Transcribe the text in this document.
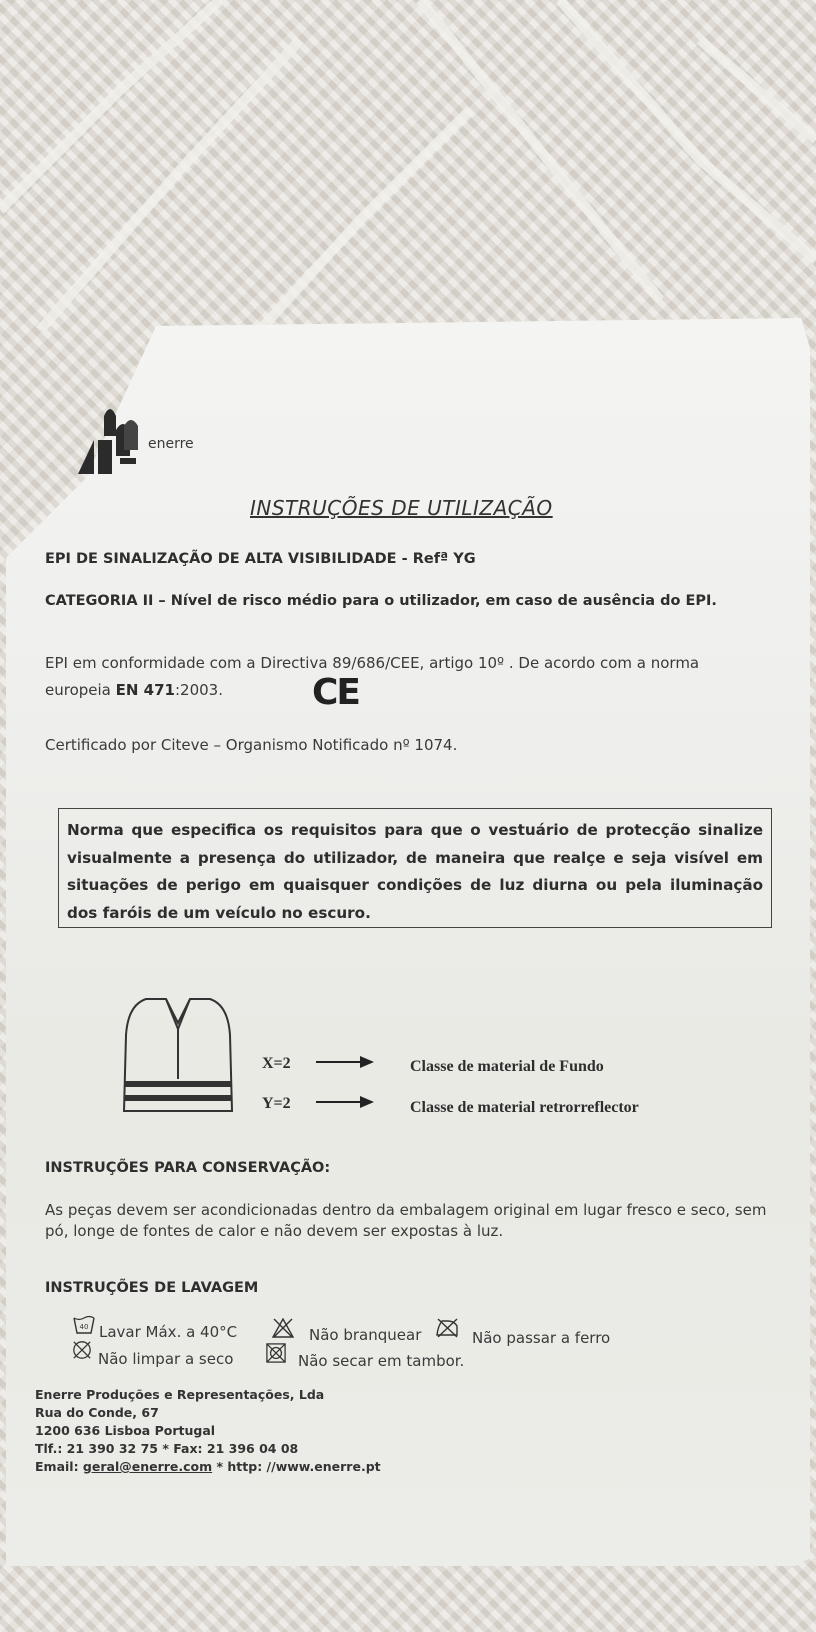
enerre
INSTRUÇÕES DE UTILIZAÇÃO
EPI DE SINALIZAÇÃO DE ALTA VISIBILIDADE - Refª YG
CATEGORIA II – Nível de risco médio para o utilizador, em caso de ausência do EPI.
EPI em conformidade com a Directiva 89/686/CEE, artigo 10º . De acordo com a norma
europeia EN 471:2003.	CE
Certificado por Citeve – Organismo Notificado nº 1074.
Norma que especifica os requisitos para que o vestuário de protecção sinalize visualmente a presença do utilizador, de maneira que realçe e seja visível em situações de perigo em quaisquer condições de luz diurna ou pela iluminação dos faróis de um veículo no escuro.
X=2	Classe de material de Fundo
Y=2	Classe de material retrorreflector
INSTRUÇÕES PARA CONSERVAÇÃO:
As peças devem ser acondicionadas dentro da embalagem original em lugar fresco e seco, sem pó, longe de fontes de calor e não devem ser expostas à luz.
INSTRUÇÕES DE LAVAGEM
40 Lavar Máx. a 40°C	Não branquear	Não passar a ferro
Não limpar a seco	Não secar em tambor.
Enerre Produções e Representações, Lda
Rua do Conde, 67
1200 636 Lisboa Portugal
Tlf.: 21 390 32 75 * Fax: 21 396 04 08
Email: geral@enerre.com * http: //www.enerre.pt
